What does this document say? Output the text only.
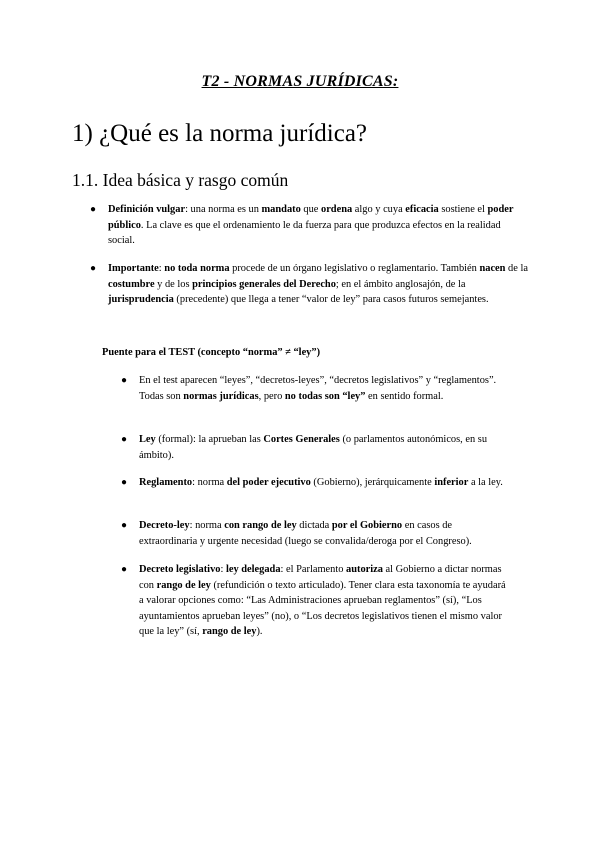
T2 - NORMAS JURÍDICAS:
1) ¿Qué es la norma jurídica?
1.1. Idea básica y rasgo común
● Definición vulgar: una norma es un mandato que ordena algo y cuya eficacia sostiene el poder público. La clave es que el ordenamiento le da fuerza para que produzca efectos en la realidad social.
● Importante: no toda norma procede de un órgano legislativo o reglamentario. También nacen de la costumbre y de los principios generales del Derecho; en el ámbito anglosajón, de la jurisprudencia (precedente) que llega a tener “valor de ley” para casos futuros semejantes.
Puente para el TEST (concepto “norma” ≠ “ley”)
● En el test aparecen “leyes”, “decretos-leyes”, “decretos legislativos” y “reglamentos”. Todas son normas jurídicas, pero no todas son “ley” en sentido formal.
● Ley (formal): la aprueban las Cortes Generales (o parlamentos autonómicos, en su ámbito).
● Reglamento: norma del poder ejecutivo (Gobierno), jerárquicamente inferior a la ley.
● Decreto-ley: norma con rango de ley dictada por el Gobierno en casos de extraordinaria y urgente necesidad (luego se convalida/deroga por el Congreso).
● Decreto legislativo: ley delegada: el Parlamento autoriza al Gobierno a dictar normas con rango de ley (refundición o texto articulado). Tener clara esta taxonomía te ayudará a valorar opciones como: “Las Administraciones aprueban reglamentos” (sí), “Los ayuntamientos aprueban leyes” (no), o “Los decretos legislativos tienen el mismo valor que la ley” (sí, rango de ley).
